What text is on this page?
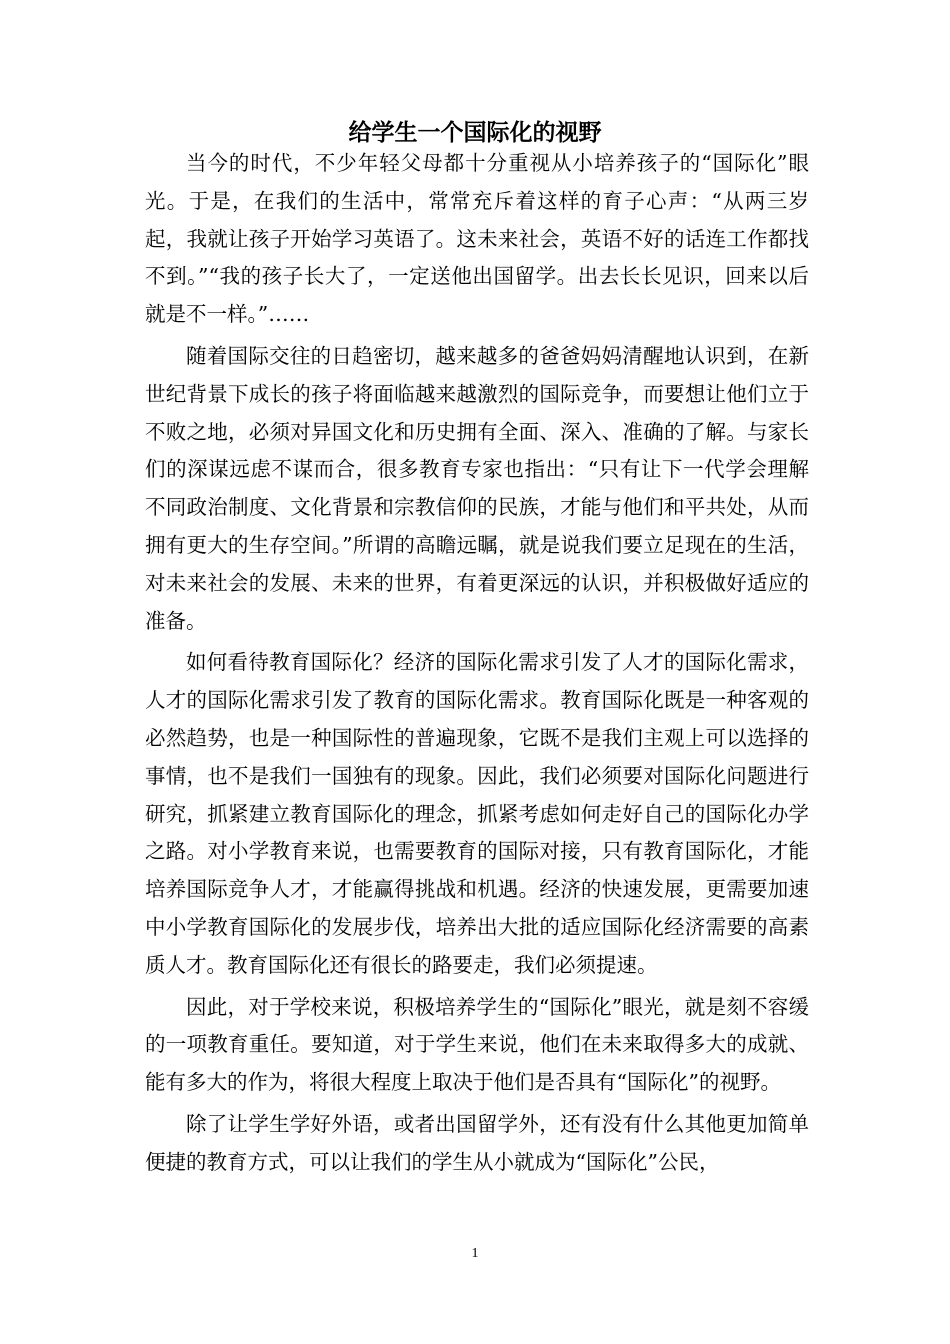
给学生一个国际化的视野

当今的时代，不少年轻父母都十分重视从小培养孩子的“国际化”眼光。于是，在我们的生活中，常常充斥着这样的育子心声：“从两三岁起，我就让孩子开始学习英语了。这未来社会，英语不好的话连工作都找不到。”“我的孩子长大了，一定送他出国留学。出去长长见识，回来以后就是不一样。”……

随着国际交往的日趋密切，越来越多的爸爸妈妈清醒地认识到，在新世纪背景下成长的孩子将面临越来越激烈的国际竞争，而要想让他们立于不败之地，必须对异国文化和历史拥有全面、深入、准确的了解。与家长们的深谋远虑不谋而合，很多教育专家也指出：“只有让下一代学会理解不同政治制度、文化背景和宗教信仰的民族，才能与他们和平共处，从而拥有更大的生存空间。”所谓的高瞻远瞩，就是说我们要立足现在的生活，对未来社会的发展、未来的世界，有着更深远的认识，并积极做好适应的准备。

如何看待教育国际化？经济的国际化需求引发了人才的国际化需求，人才的国际化需求引发了教育的国际化需求。教育国际化既是一种客观的必然趋势，也是一种国际性的普遍现象，它既不是我们主观上可以选择的事情，也不是我们一国独有的现象。因此，我们必须要对国际化问题进行研究，抓紧建立教育国际化的理念，抓紧考虑如何走好自己的国际化办学之路。对小学教育来说，也需要教育的国际对接，只有教育国际化，才能培养国际竞争人才，才能赢得挑战和机遇。经济的快速发展，更需要加速中小学教育国际化的发展步伐，培养出大批的适应国际化经济需要的高素质人才。教育国际化还有很长的路要走，我们必须提速。

因此，对于学校来说，积极培养学生的“国际化”眼光，就是刻不容缓的一项教育重任。要知道，对于学生来说，他们在未来取得多大的成就、能有多大的作为，将很大程度上取决于他们是否具有“国际化”的视野。

除了让学生学好外语，或者出国留学外，还有没有什么其他更加简单便捷的教育方式，可以让我们的学生从小就成为“国际化”公民，

1
